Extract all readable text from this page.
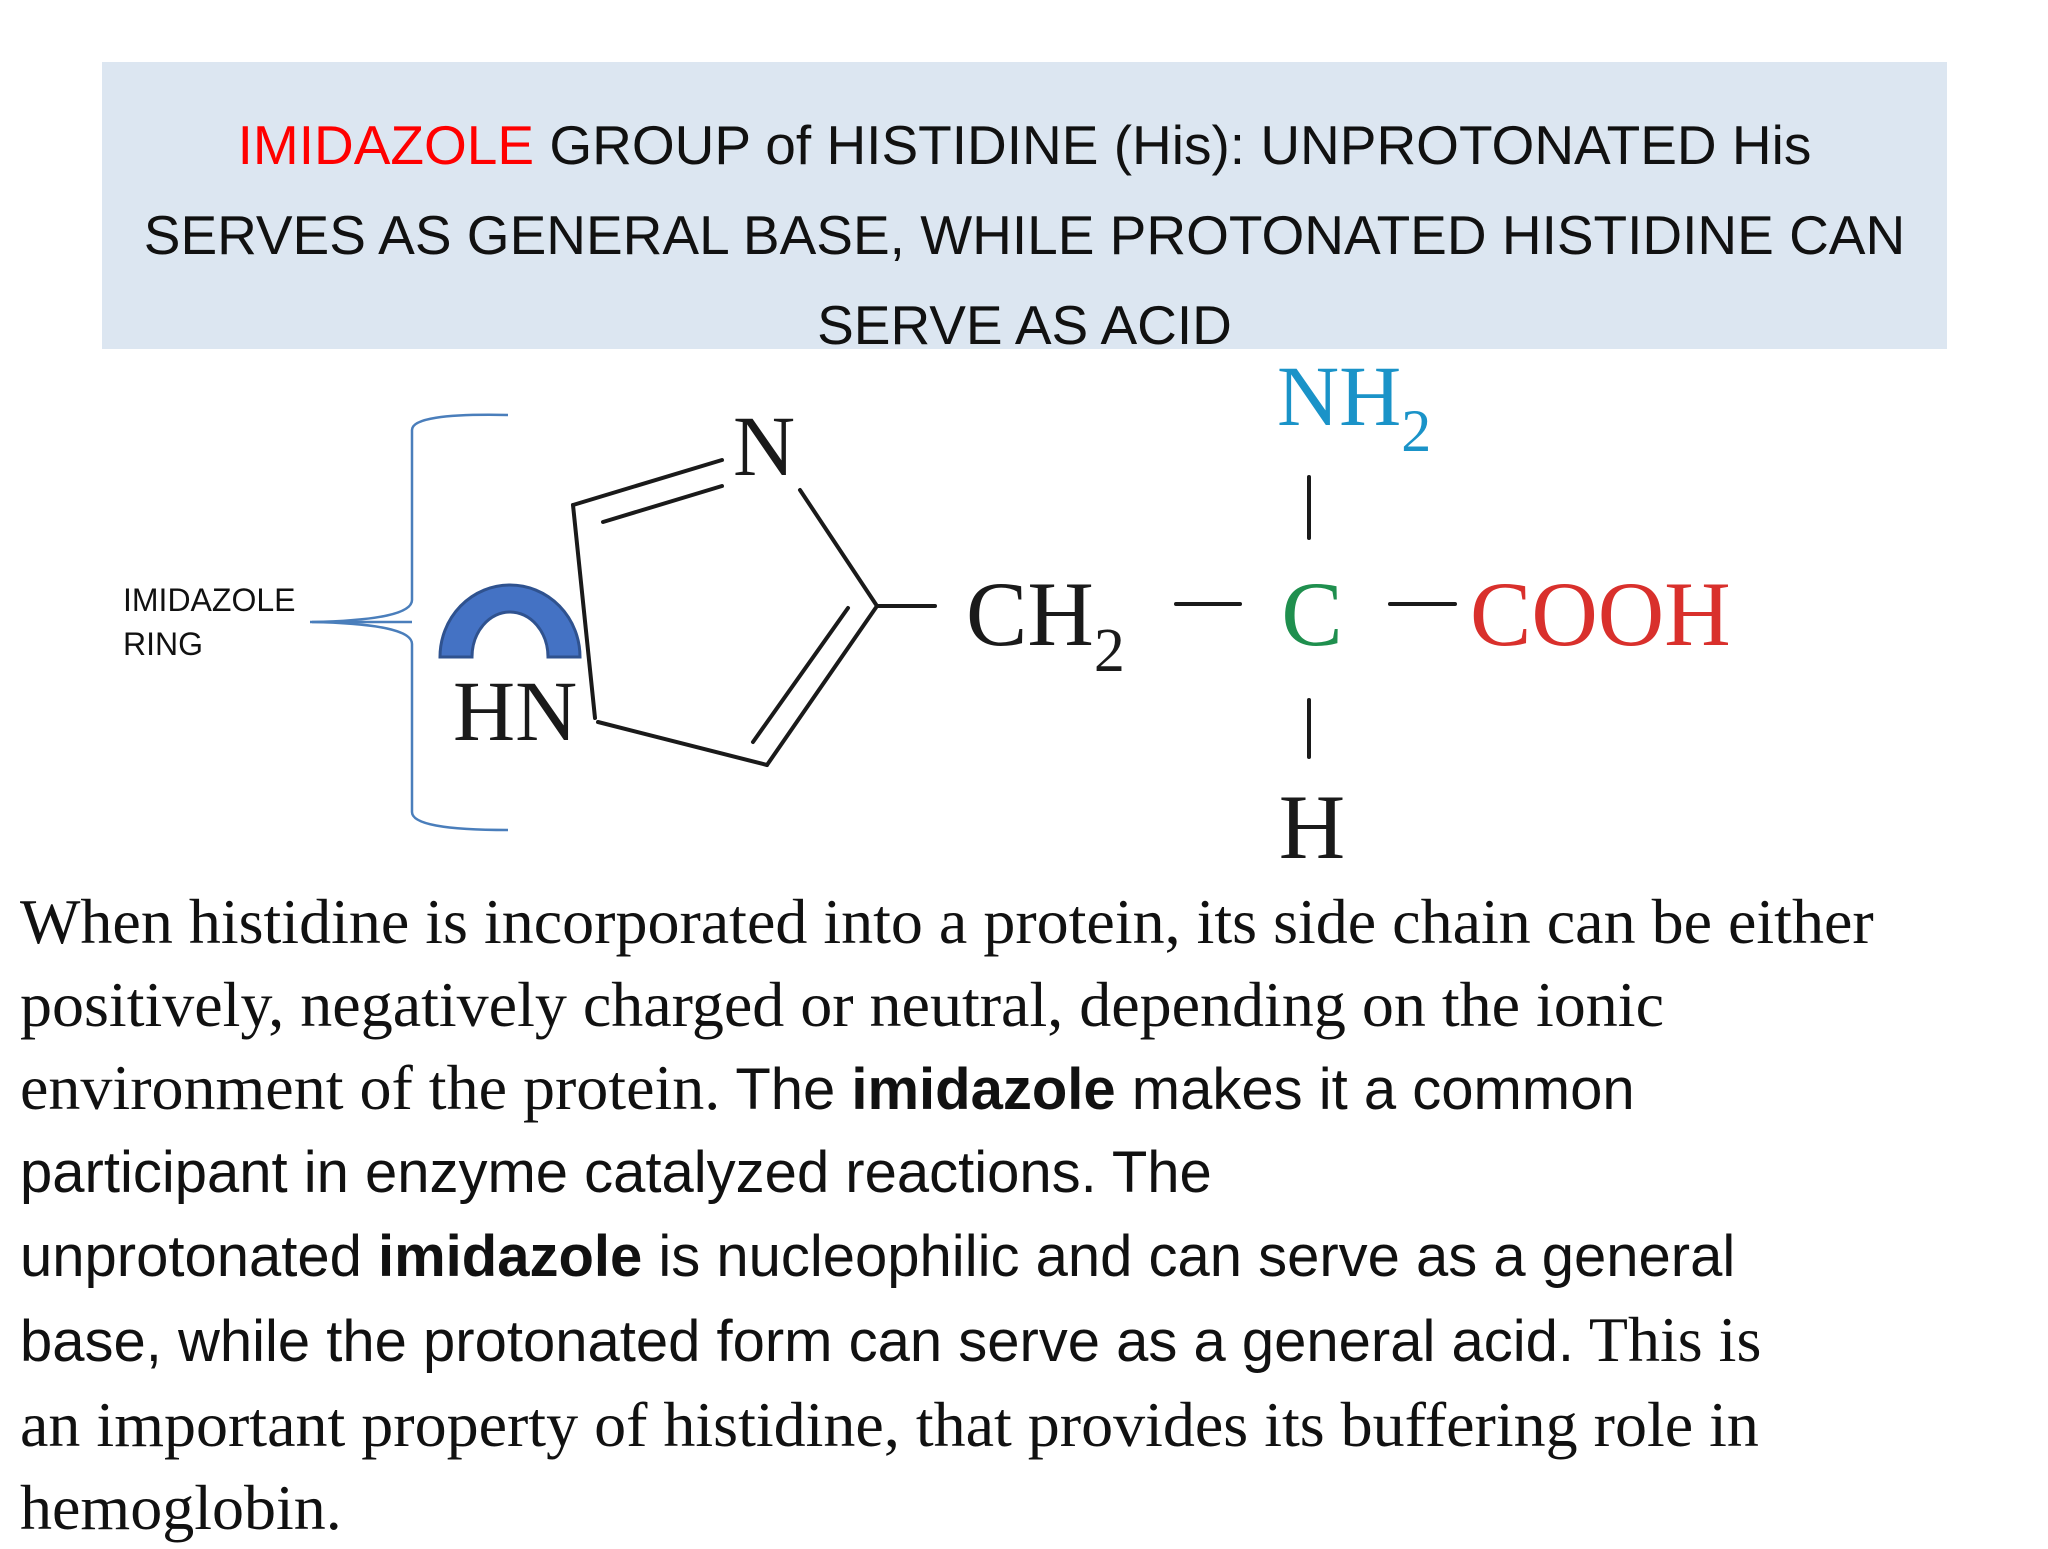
IMIDAZOLE GROUP of HISTIDINE (His): UNPROTONATED His
SERVES AS GENERAL BASE, WHILE PROTONATED HISTIDINE CAN
SERVE AS ACID
N
HN
$NH_2$
$CH_2$ C COOH
H
IMIDAZOLE
RING
When histidine is incorporated into a protein, its side chain can be either
positively, negatively charged or neutral, depending on the ionic
environment of the protein. The imidazole makes it a common
participant in enzyme catalyzed reactions. The
unprotonated imidazole is nucleophilic and can serve as a general
base, while the protonated form can serve as a general acid. This is
an important property of histidine, that provides its buffering role in
hemoglobin.
